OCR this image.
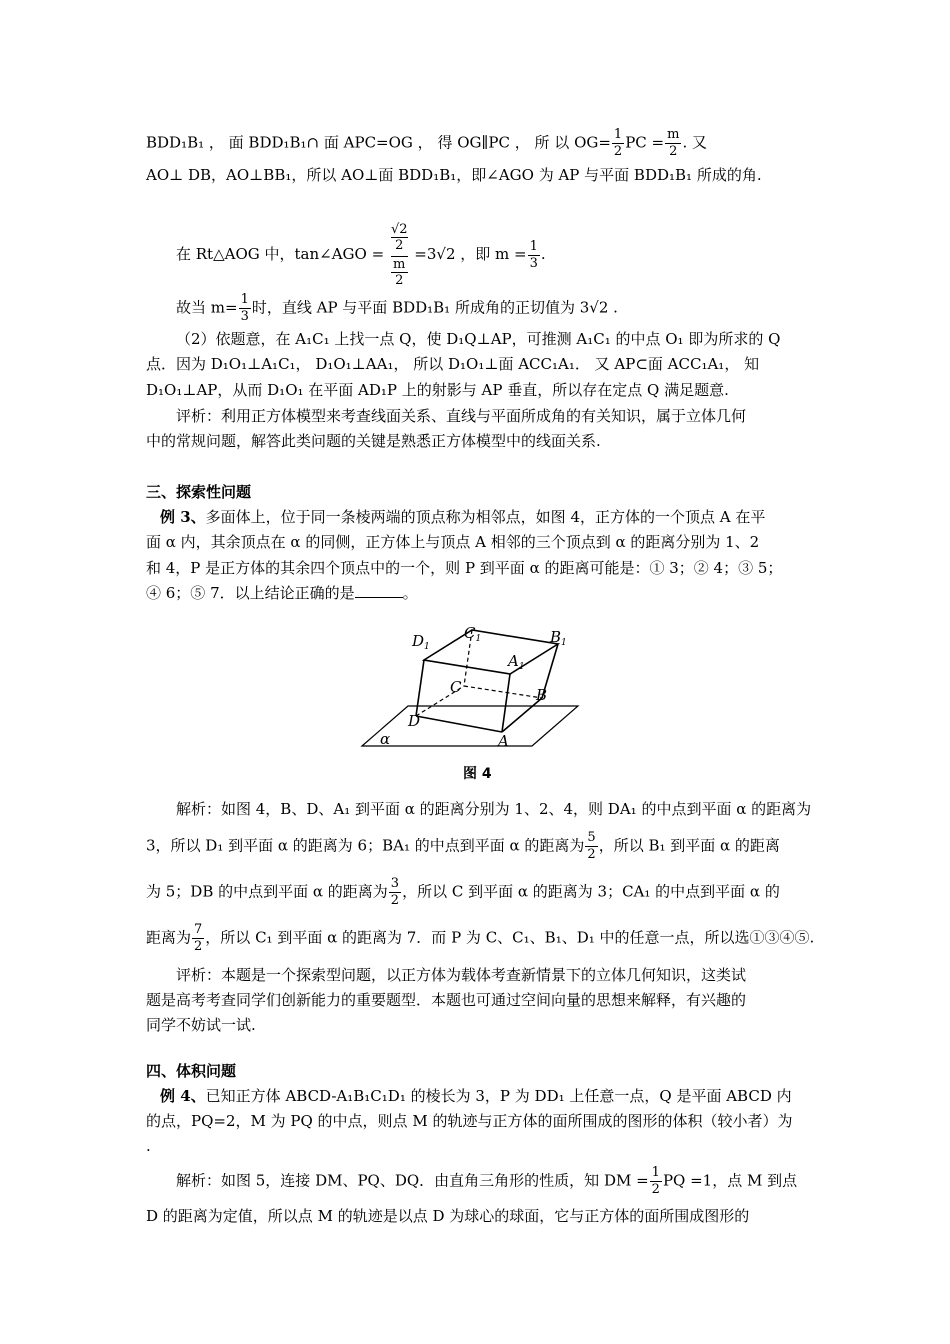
BDD₁B₁ ， 面 BDD₁B₁∩ 面 APC=OG ， 得 OG∥PC ， 所 以 $OG= \frac{1}{2}$ PC = $\frac{m}{2}$ . 又
AO⊥ DB，AO⊥BB₁，所以 AO⊥面 BDD₁B₁，即∠AGO 为 AP 与平面 BDD₁B₁ 所成的角.
在 Rt△AOG 中，tan∠AGO =
√2
2
m
2
=3√2 ，即 $m = \frac{1}{3}$ .
故当 $m= \frac{1}{3}$ 时，直线 AP 与平面 BDD₁B₁ 所成角的正切值为 3√2 .
（2）依题意，在 A₁C₁ 上找一点 Q，使 D₁Q⊥AP，可推测 A₁C₁ 的中点 O₁ 即为所求的 Q
点．因为 D₁O₁⊥A₁C₁， D₁O₁⊥AA₁， 所以 D₁O₁⊥面 ACC₁A₁． 又 AP⊂面 ACC₁A₁， 知
D₁O₁⊥AP，从而 D₁O₁ 在平面 AD₁P 上的射影与 AP 垂直，所以存在定点 Q 满足题意.
评析：利用正方体模型来考查线面关系、直线与平面所成角的有关知识，属于立体几何
中的常规问题，解答此类问题的关键是熟悉正方体模型中的线面关系.
三、探索性问题
例 3、多面体上，位于同一条棱两端的顶点称为相邻点，如图 4，正方体的一个顶点 A 在平
面 α 内，其余顶点在 α 的同侧，正方体上与顶点 A 相邻的三个顶点到 α 的距离分别为 1、2
和 4，P 是正方体的其余四个顶点中的一个，则 P 到平面 α 的距离可能是：① 3；② 4；③ 5；
④ 6；⑤ 7．以上结论正确的是	。
$C_1$
$D_1$
$B_1$
$A_1$
C	B
D
A
α
图 4
解析：如图 4，B、D、A₁ 到平面 α 的距离分别为 1、2、4，则 DA₁ 的中点到平面 α 的距离为
3，所以 D₁ 到平面 α 的距离为 6；BA₁ 的中点到平面 α 的距离为 $\frac{5}{2}$ ，所以 B₁ 到平面 α 的距离
为 5；DB 的中点到平面 α 的距离为 $\frac{3}{2}$ ，所以 C 到平面 α 的距离为 3；CA₁ 的中点到平面 α 的
距离为 $\frac{7}{2}$ ，所以 C₁ 到平面 α 的距离为 7．而 P 为 C、C₁、B₁、D₁ 中的任意一点，所以选①③④⑤.
评析：本题是一个探索型问题，以正方体为载体考查新情景下的立体几何知识，这类试
题是高考考查同学们创新能力的重要题型．本题也可通过空间向量的思想来解释，有兴趣的
同学不妨试一试.
四、体积问题
例 4、已知正方体 ABCD-A₁B₁C₁D₁ 的棱长为 3，P 为 DD₁ 上任意一点，Q 是平面 ABCD 内
的点，PQ=2，M 为 PQ 的中点，则点 M 的轨迹与正方体的面所围成的图形的体积（较小者）为
.
解析：如图 5，连接 DM、PQ、DQ．由直角三角形的性质，知 DM = $\frac{1}{2}$ PQ =1，点 M 到点
D 的距离为定值，所以点 M 的轨迹是以点 D 为球心的球面，它与正方体的面所围成图形的
